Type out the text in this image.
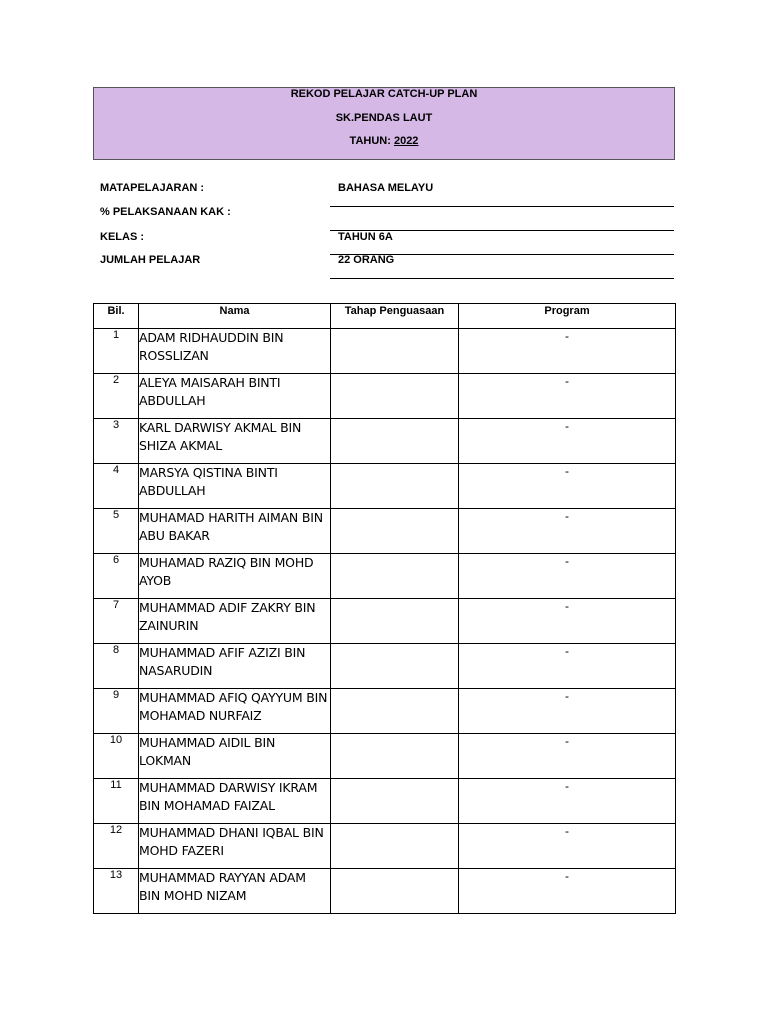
REKOD PELAJAR CATCH-UP PLAN
SK.PENDAS LAUT
TAHUN: 2022
MATAPELAJARAN :	BAHASA MELAYU
% PELAKSANAAN KAK :
KELAS :	TAHUN 6A
JUMLAH PELAJAR	22 ORANG
Bil.	Nama	Tahap Penguasaan	Program
1	ADAM RIDHAUDDIN BIN ROSSLIZAN		-
2	ALEYA MAISARAH BINTI ABDULLAH		-
3	KARL DARWISY AKMAL BIN SHIZA AKMAL		-
4	MARSYA QISTINA BINTI ABDULLAH		-
5	MUHAMAD HARITH AIMAN BIN ABU BAKAR		-
6	MUHAMAD RAZIQ BIN MOHD AYOB		-
7	MUHAMMAD ADIF ZAKRY BIN ZAINURIN		-
8	MUHAMMAD AFIF AZIZI BIN NASARUDIN		-
9	MUHAMMAD AFIQ QAYYUM BIN MOHAMAD NURFAIZ		-
10	MUHAMMAD AIDIL BIN LOKMAN		-
11	MUHAMMAD DARWISY IKRAM BIN MOHAMAD FAIZAL		-
12	MUHAMMAD DHANI IQBAL BIN MOHD FAZERI		-
13	MUHAMMAD RAYYAN ADAM BIN MOHD NIZAM		-
